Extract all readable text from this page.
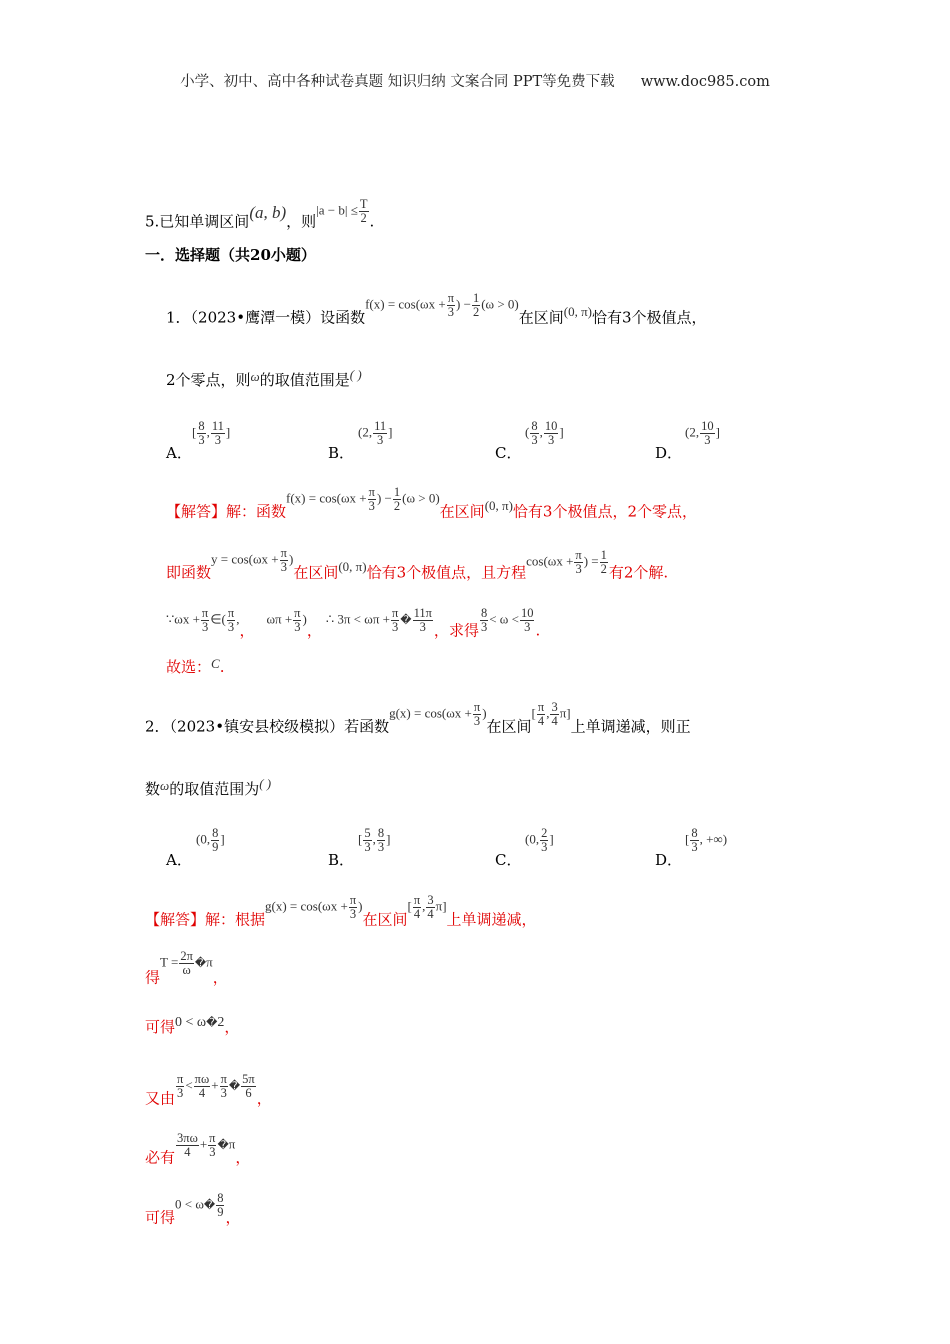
小学、初中、高中各种试卷真题 知识归纳 文案合同 PPT等免费下载 www.doc985.com
5.已知单调区间(a, b)，则$|a - b| \le \frac{T}{2}$ .
一．选择题（共20小题）
1．（2023•鹰潭一模）设函数$f(x) = \cos(\omega x + \frac{\pi}{3}$ ) − $\frac{1}{2} (\omega > 0)$在区间(0, π)恰有3个极值点，
2个零点，则ω的取值范围是( )
A．
[ $\frac{8}{3}$ , $\frac{11}{3}$ ]
B．
(2, $\frac{11}{3}$ ]
C．
( $\frac{8}{3}$ , $\frac{10}{3}$ ]
D．
(2, $\frac{10}{3}$ ]
【解答】解：函数$f(x) = \cos(\omega x + \frac{\pi}{3}$ ) − $\frac{1}{2} (\omega > 0)$在区间(0, π)恰有3个极值点，2个零点，
即函数$y = \cos(\omega x + \frac{\pi}{3}$ )在区间(0, π)恰有3个极值点，且方程$\cos(\omega x + \frac{\pi}{3}$ ) = $\frac{1}{2}$ 有2个解.
∵ωx + $\frac{\pi}{3}$ ∈( $\frac{\pi}{3}$ ,，$\omega\pi + \frac{\pi}{3}$ )，∴ $3\pi < \omega\pi + \frac{\pi}{3}$ � $\frac{11\pi}{3}$ ，求得 $\frac{8}{3} < \omega < \frac{10}{3}$ .
故选：C.
2．（2023•镇安县校级模拟）若函数$g(x) = \cos(\omega x + \frac{\pi}{3}$ )在区间[ $\frac{\pi}{4}$ , $\frac{3}{4} \pi$]上单调递减，则正
数ω的取值范围为( )
A．
(0, $\frac{8}{9}$ ]
B．
[ $\frac{5}{3}$ , $\frac{8}{3}$ ]
C．
(0, $\frac{2}{3}$ ]
D．
[ $\frac{8}{3}$ , +∞)
【解答】解：根据$g(x) = \cos(\omega x + \frac{\pi}{3}$ )在区间[ $\frac{\pi}{4}$ , $\frac{3}{4} \pi$]上单调递减，
得$T = \frac{2\pi}{\omega}$ �π，
可得0 < ω�2，
又由 $\frac{\pi}{3} < \frac{\pi\omega}{4} + \frac{\pi}{3}$ � $\frac{5\pi}{6}$ ，
必有 $\frac{3\pi\omega}{4} + \frac{\pi}{3}$ �π，
可得0 < ω� $\frac{8}{9}$ ，
